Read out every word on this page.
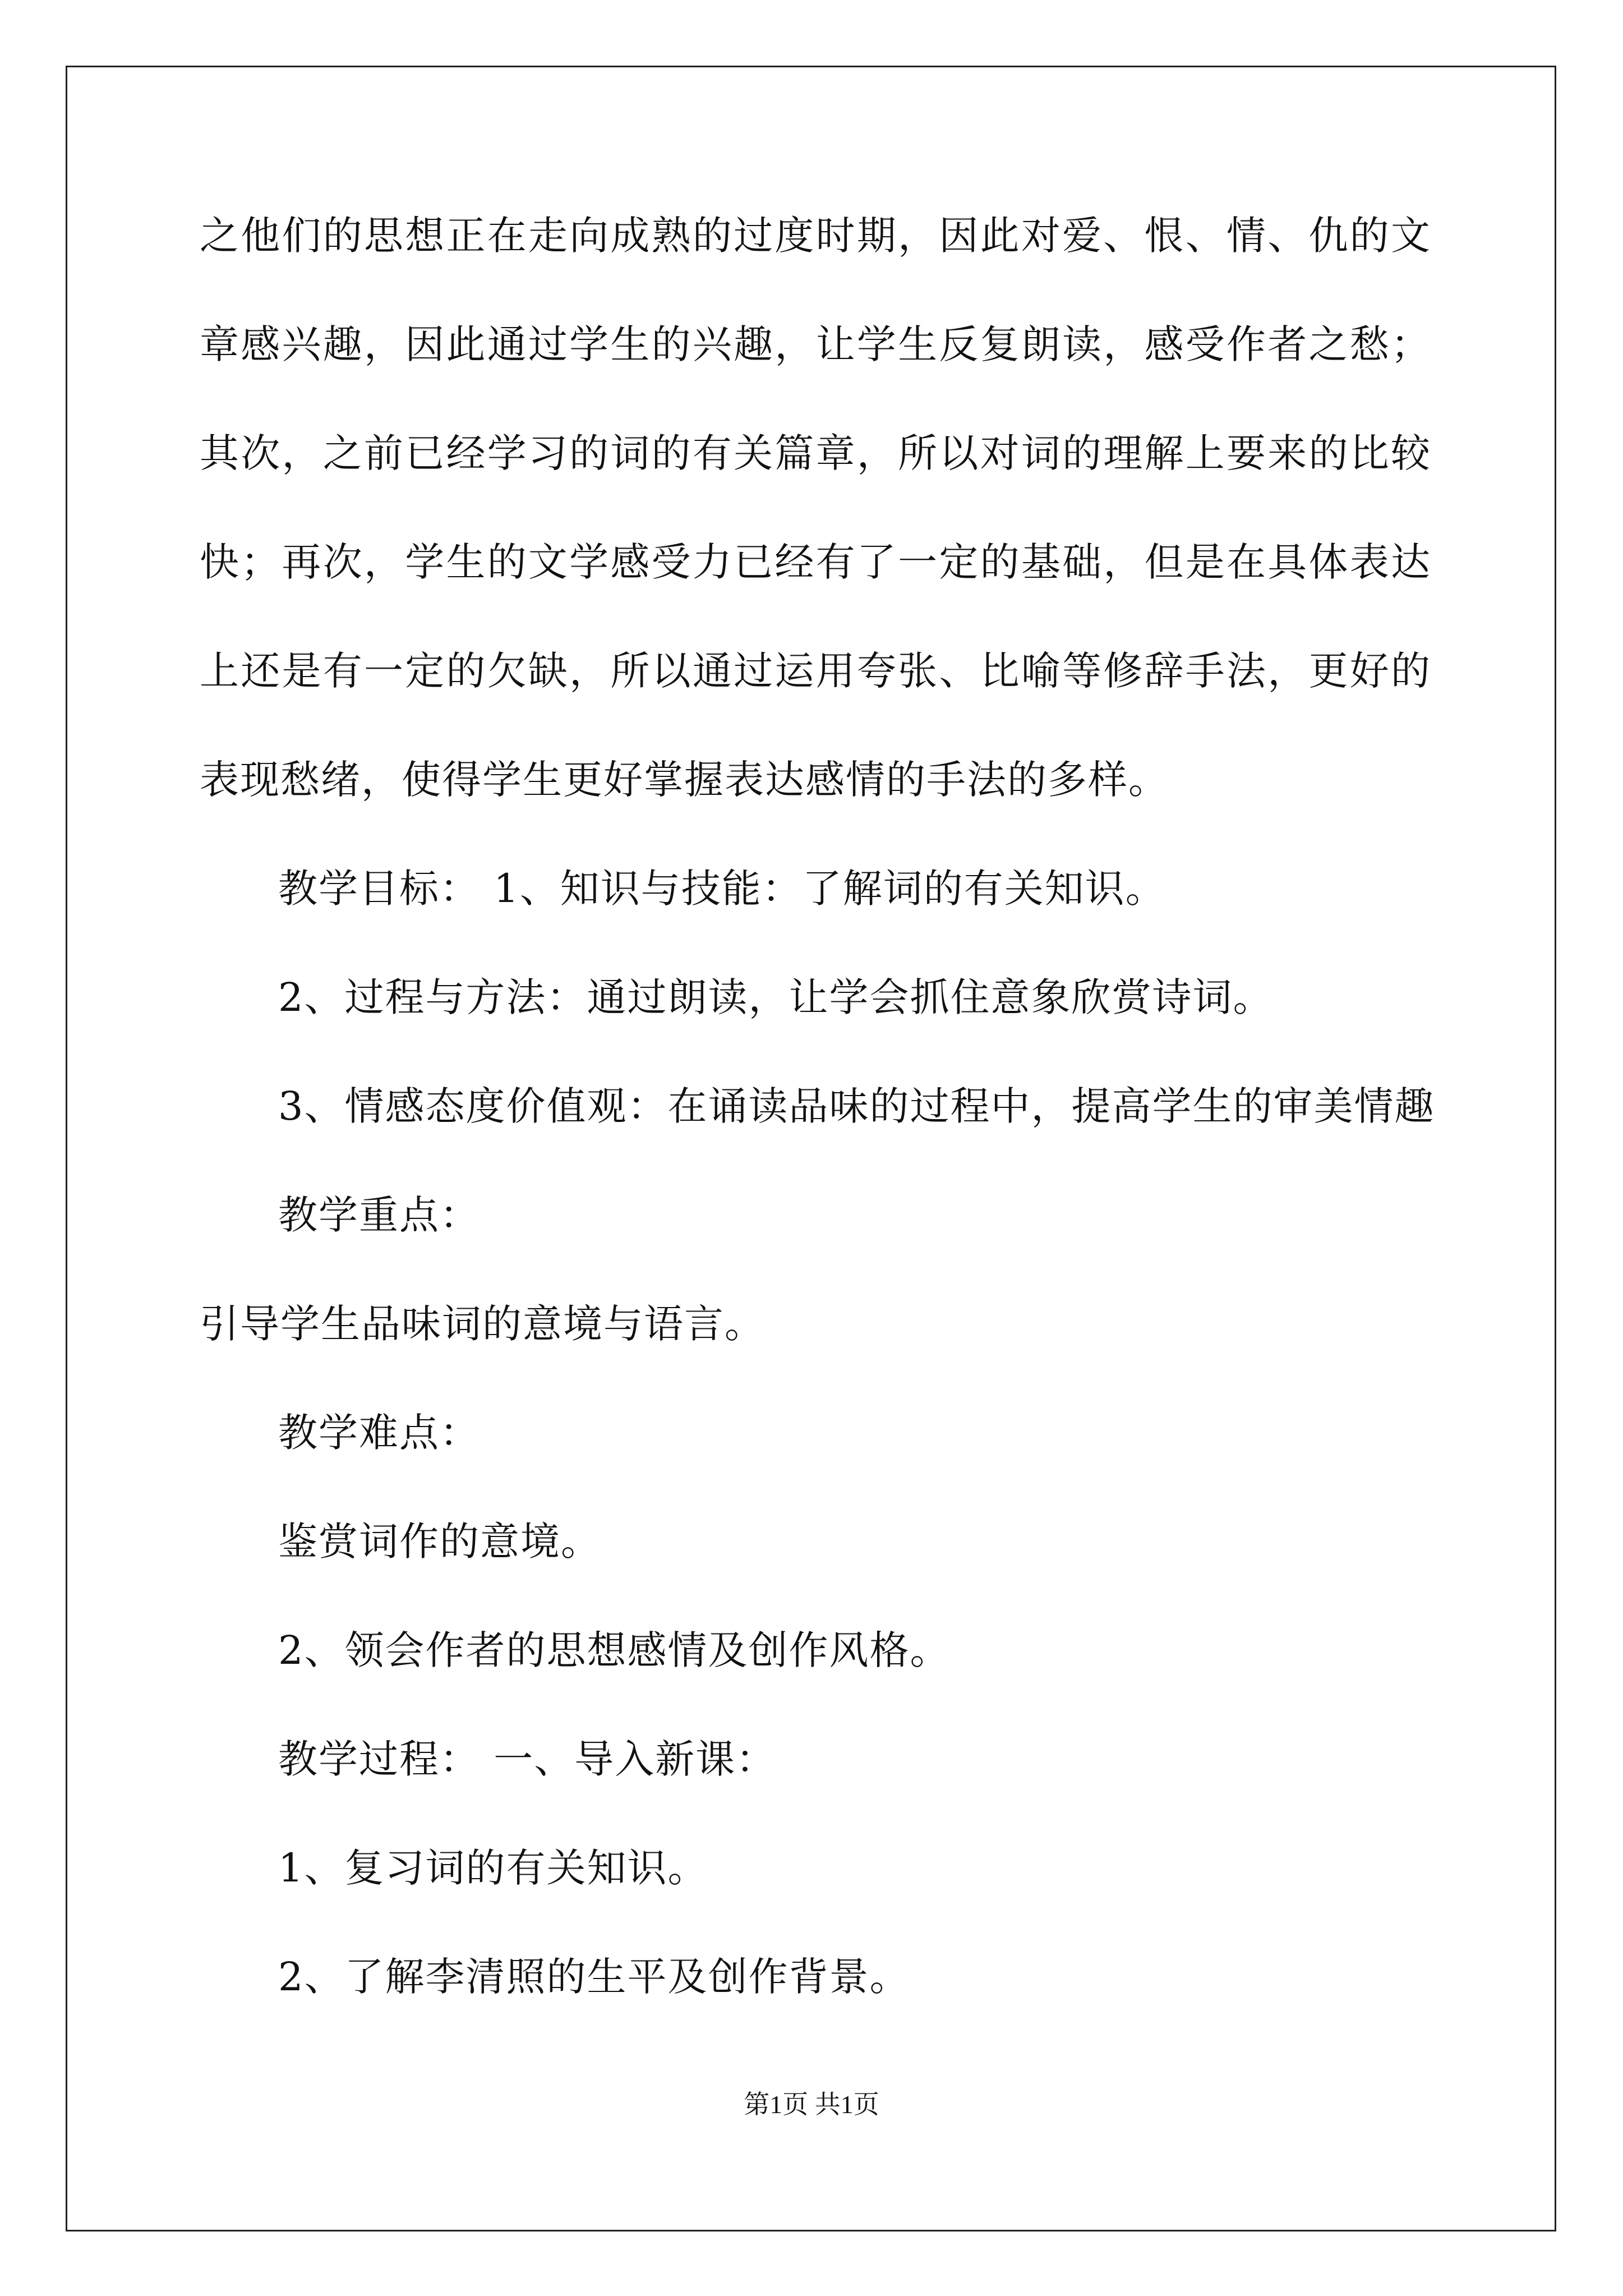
之他们的思想正在走向成熟的过度时期，因此对爱、恨、情、仇的文
章感兴趣，因此通过学生的兴趣，让学生反复朗读，感受作者之愁；
其次，之前已经学习的词的有关篇章，所以对词的理解上要来的比较
快；再次，学生的文学感受力已经有了一定的基础，但是在具体表达
上还是有一定的欠缺，所以通过运用夸张、比喻等修辞手法，更好的
表现愁绪，使得学生更好掌握表达感情的手法的多样。
教学目标： 1、知识与技能：了解词的有关知识。
2、过程与方法：通过朗读，让学会抓住意象欣赏诗词。
3、情感态度价值观：在诵读品味的过程中，提高学生的审美情趣
教学重点：
引导学生品味词的意境与语言。
教学难点：
鉴赏词作的意境。
2、领会作者的思想感情及创作风格。
教学过程： 一、导入新课：
1、复习词的有关知识。
2、了解李清照的生平及创作背景。
第1页 共1页
